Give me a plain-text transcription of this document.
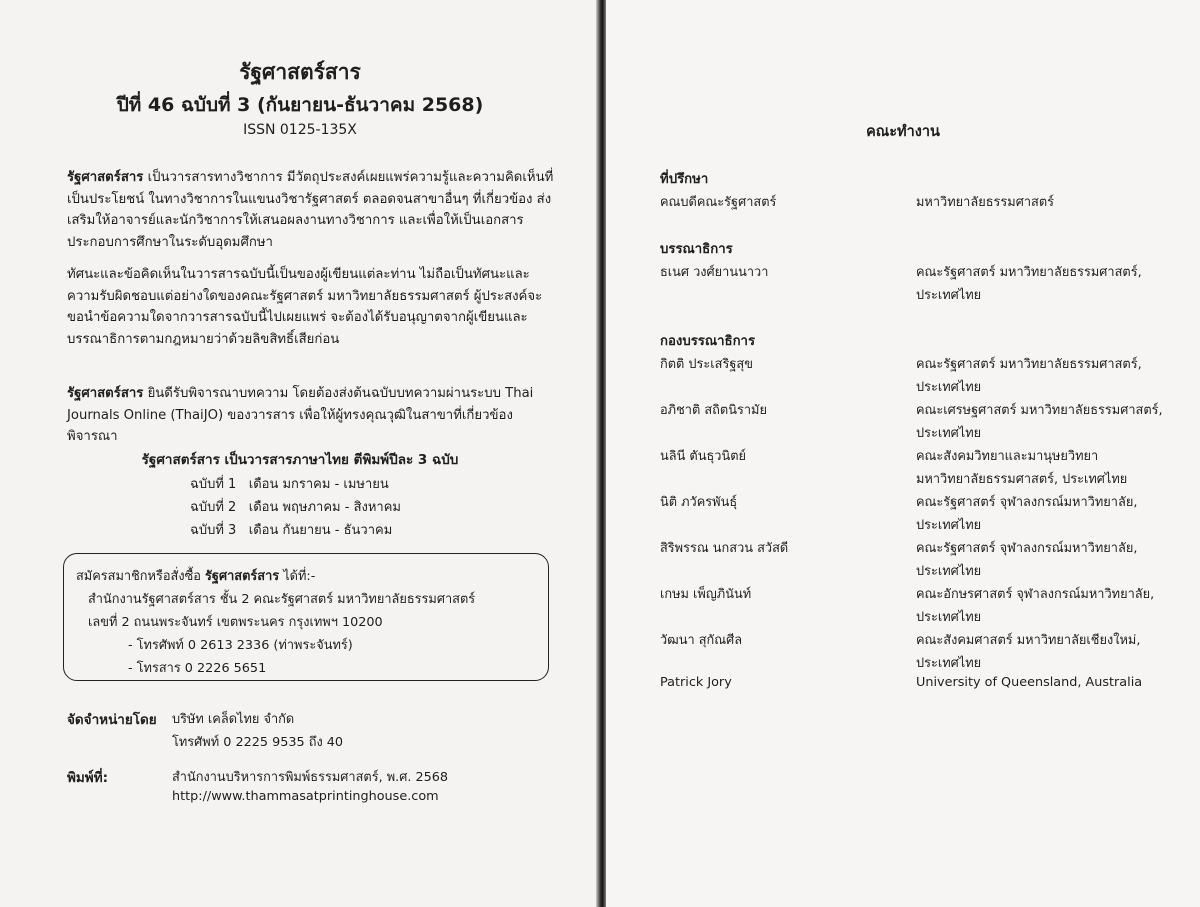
รัฐศาสตร์สาร
ปีที่ 46 ฉบับที่ 3 (กันยายน-ธันวาคม 2568)
ISSN 0125-135X
รัฐศาสตร์สาร เป็นวารสารทางวิชาการ มีวัตถุประสงค์เผยแพร่ความรู้และความคิดเห็นที่เป็นประโยชน์ ในทางวิชาการในแขนงวิชารัฐศาสตร์ ตลอดจนสาขาอื่นๆ ที่เกี่ยวข้อง ส่งเสริมให้อาจารย์และนักวิชาการให้เสนอผลงานทางวิชาการ และเพื่อให้เป็นเอกสารประกอบการศึกษาในระดับอุดมศึกษา
ทัศนะและข้อคิดเห็นในวารสารฉบับนี้เป็นของผู้เขียนแต่ละท่าน ไม่ถือเป็นทัศนะและความรับผิดชอบแต่อย่างใดของคณะรัฐศาสตร์ มหาวิทยาลัยธรรมศาสตร์ ผู้ประสงค์จะขอนำข้อความใดจากวารสารฉบับนี้ไปเผยแพร่ จะต้องได้รับอนุญาตจากผู้เขียนและบรรณาธิการตามกฎหมายว่าด้วยลิขสิทธิ์เสียก่อน
รัฐศาสตร์สาร ยินดีรับพิจารณาบทความ โดยต้องส่งต้นฉบับบทความผ่านระบบ Thai Journals Online (ThaiJO) ของวารสาร เพื่อให้ผู้ทรงคุณวุฒิในสาขาที่เกี่ยวข้องพิจารณา
รัฐศาสตร์สาร เป็นวารสารภาษาไทย ตีพิมพ์ปีละ 3 ฉบับ
ฉบับที่ 1 เดือน มกราคม - เมษายน
ฉบับที่ 2 เดือน พฤษภาคม - สิงหาคม
ฉบับที่ 3 เดือน กันยายน - ธันวาคม
สมัครสมาชิกหรือสั่งซื้อ รัฐศาสตร์สาร ได้ที่:-
สำนักงานรัฐศาสตร์สาร ชั้น 2 คณะรัฐศาสตร์ มหาวิทยาลัยธรรมศาสตร์
เลขที่ 2 ถนนพระจันทร์ เขตพระนคร กรุงเทพฯ 10200
- โทรศัพท์ 0 2613 2336 (ท่าพระจันทร์)
- โทรสาร 0 2226 5651
จัดจำหน่ายโดย บริษัท เคล็ดไทย จำกัด
โทรศัพท์ 0 2225 9535 ถึง 40
พิมพ์ที่:	สำนักงานบริหารการพิมพ์ธรรมศาสตร์, พ.ศ. 2568
http://www.thammasatprintinghouse.com
คณะทำงาน
ที่ปรึกษา
คณบดีคณะรัฐศาสตร์	มหาวิทยาลัยธรรมศาสตร์
บรรณาธิการ
ธเนศ วงศ์ยานนาวา	คณะรัฐศาสตร์ มหาวิทยาลัยธรรมศาสตร์,
ประเทศไทย
กองบรรณาธิการ
กิตติ ประเสริฐสุข	คณะรัฐศาสตร์ มหาวิทยาลัยธรรมศาสตร์,
ประเทศไทย
อภิชาติ สถิตนิรามัย	คณะเศรษฐศาสตร์ มหาวิทยาลัยธรรมศาสตร์,
ประเทศไทย
นลินี ตันธุวนิตย์	คณะสังคมวิทยาและมานุษยวิทยา
มหาวิทยาลัยธรรมศาสตร์, ประเทศไทย
นิติ ภวัครพันธุ์	คณะรัฐศาสตร์ จุฬาลงกรณ์มหาวิทยาลัย,
ประเทศไทย
สิริพรรณ นกสวน สวัสดี	คณะรัฐศาสตร์ จุฬาลงกรณ์มหาวิทยาลัย,
ประเทศไทย
เกษม เพ็ญภินันท์	คณะอักษรศาสตร์ จุฬาลงกรณ์มหาวิทยาลัย,
ประเทศไทย
วัฒนา สุกัณศีล	คณะสังคมศาสตร์ มหาวิทยาลัยเชียงใหม่,
ประเทศไทย
Patrick Jory	University of Queensland, Australia
